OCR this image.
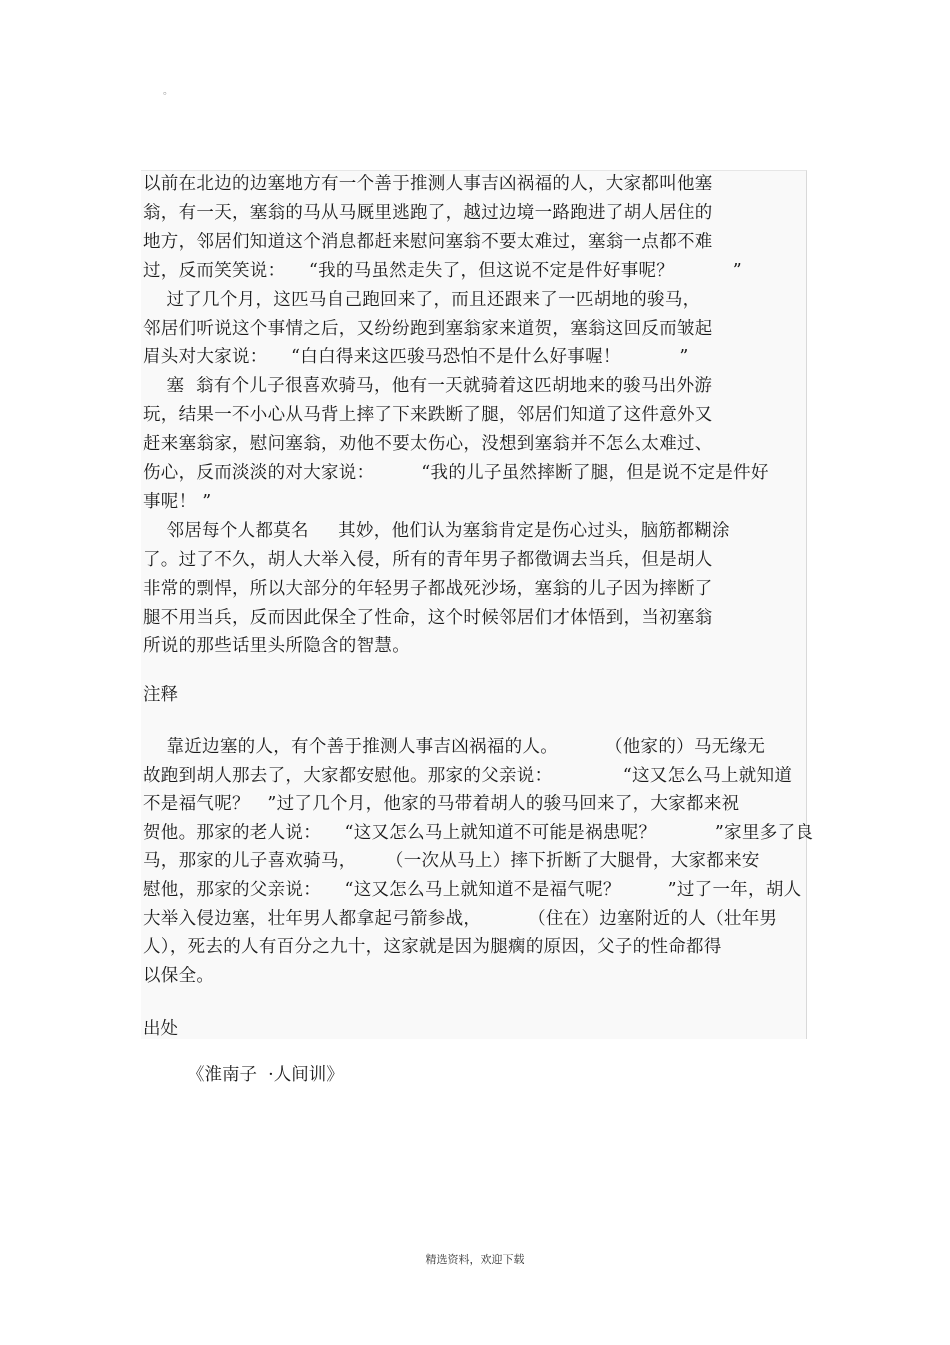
。
以前在北边的边塞地方有一个善于推测人事吉凶祸福的人，大家都叫他塞
翁，有一天，塞翁的马从马厩里逃跑了，越过边境一路跑进了胡人居住的
地方，邻居们知道这个消息都赶来慰问塞翁不要太难过，塞翁一点都不难
过，反而笑笑说：    “我的马虽然走失了，但这说不定是件好事呢？          ”
过了几个月，这匹马自己跑回来了，而且还跟来了一匹胡地的骏马，
邻居们听说这个事情之后，又纷纷跑到塞翁家来道贺，塞翁这回反而皱起
眉头对大家说：    “白白得来这匹骏马恐怕不是什么好事喔！          ”
塞  翁有个儿子很喜欢骑马，他有一天就骑着这匹胡地来的骏马出外游
玩，结果一不小心从马背上摔了下来跌断了腿，邻居们知道了这件意外又
赶来塞翁家，慰问塞翁，劝他不要太伤心，没想到塞翁并不怎么太难过、
伤心，反而淡淡的对大家说：        “我的儿子虽然摔断了腿，但是说不定是件好
事呢！ ”
邻居每个人都莫名     其妙，他们认为塞翁肯定是伤心过头，脑筋都糊涂
了。过了不久，胡人大举入侵，所有的青年男子都徵调去当兵，但是胡人
非常的剽悍，所以大部分的年轻男子都战死沙场，塞翁的儿子因为摔断了
腿不用当兵，反而因此保全了性命，这个时候邻居们才体悟到，当初塞翁
所说的那些话里头所隐含的智慧。
注释
靠近边塞的人，有个善于推测人事吉凶祸福的人。        （他家的）马无缘无
故跑到胡人那去了，大家都安慰他。那家的父亲说：            “这又怎么马上就知道
不是福气呢？   ”过了几个月，他家的马带着胡人的骏马回来了，大家都来祝
贺他。那家的老人说：    “这又怎么马上就知道不可能是祸患呢？          ”家里多了良
马，那家的儿子喜欢骑马，     （一次从马上）摔下折断了大腿骨，大家都来安
慰他，那家的父亲说：    “这又怎么马上就知道不是福气呢？        ”过了一年，胡人
大举入侵边塞，壮年男人都拿起弓箭参战，        （住在）边塞附近的人（壮年男
人），死去的人有百分之九十，这家就是因为腿瘸的原因，父子的性命都得
以保全。
出处
《淮南子  ·人间训》
精选资料，欢迎下载
